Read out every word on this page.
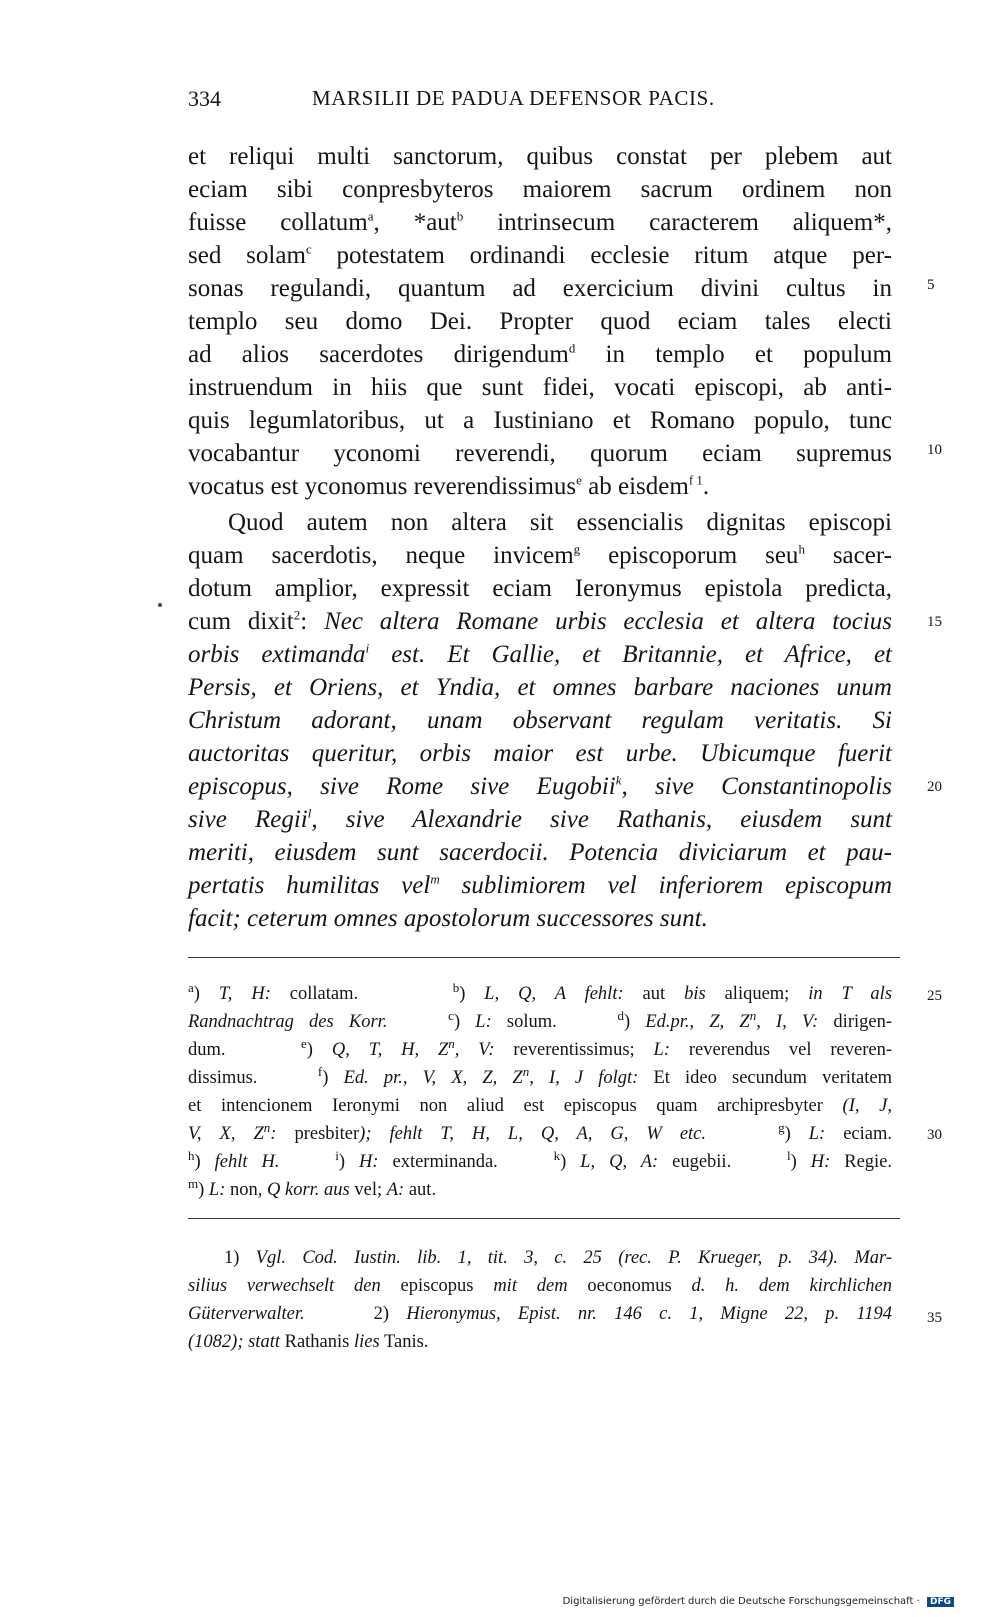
334	MARSILII DE PADUA DEFENSOR PACIS.
et reliqui multi sanctorum, quibus constat per plebem aut
eciam sibi conpresbyteros maiorem sacrum ordinem non
fuisse collatum$^a$, *aut$^b$ intrinsecum caracterem aliquem*,
sed solam$^c$ potestatem ordinandi ecclesie ritum atque per-
sonas regulandi, quantum ad exercicium divini cultus in
templo seu domo Dei. Propter quod eciam tales electi
ad alios sacerdotes dirigendum$^d$ in templo et populum
instruendum in hiis que sunt fidei, vocati episcopi, ab anti-
quis legumlatoribus, ut a Iustiniano et Romano populo, tunc
vocabantur yconomi reverendi, quorum eciam supremus
vocatus est yconomus reverendissimus$^e$ ab eisdem$^{f 1}$.
Quod autem non altera sit essencialis dignitas episcopi
quam sacerdotis, neque invicem$^g$ episcoporum seu$^h$ sacer-
dotum amplior, expressit eciam Ieronymus epistola predicta,
cum dixit$^2$: Nec altera Romane urbis ecclesia et altera tocius
orbis extimanda$^i$ est. Et Gallie, et Britannie, et Africe, et
Persis, et Oriens, et Yndia, et omnes barbare naciones unum
Christum adorant, unam observant regulam veritatis. Si
auctoritas queritur, orbis maior est urbe. Ubicumque fuerit
episcopus, sive Rome sive Eugobii$^k$, sive Constantinopolis
sive Regii$^l$, sive Alexandrie sive Rathanis, eiusdem sunt
meriti, eiusdem sunt sacerdocii. Potencia diviciarum et pau-
pertatis humilitas vel$^m$ sublimiorem vel inferiorem episcopum
facit; ceterum omnes apostolorum successores sunt.
5
10
15
20
25
30
35
$^a$) T, H: collatam.     $^b$) L, Q, A fehlt: aut bis aliquem; in T als
Randnachtrag des Korr.	$^c$) L: solum.    $^d$) Ed.pr., Z, $Z^n$, I, V: dirigen-
dum.    $^e$) Q, T, H, $Z^n$, V: reverentissimus; L: reverendus vel reveren-
dissimus.    $^f$) Ed. pr., V, X, Z, $Z^n$, I, J folgt: Et ideo secundum veritatem
et intencionem Ieronymi non aliud est episcopus quam archipresbyter (I, J,
V, X, $Z^n$: presbiter); fehlt T, H, L, Q, A, G, W etc.	$^g$) L: eciam.
$^h$) fehlt H.	$^i$) H: exterminanda.    $^k$) L, Q, A: eugebii.    $^l$) H: Regie.
$^m$) L: non, Q korr. aus vel; A: aut.
1) Vgl. Cod. Iustin. lib. 1, tit. 3, c. 25 (rec. P. Krueger, p. 34). Mar-
silius verwechselt den episcopus mit dem oeconomus d. h. dem kirchlichen
Güterverwalter.    2) Hieronymus, Epist. nr. 146 c. 1, Migne 22, p. 1194
(1082); statt Rathanis lies Tanis.
Digitalisierung gefördert durch die Deutsche Forschungsgemeinschaft · DFG
